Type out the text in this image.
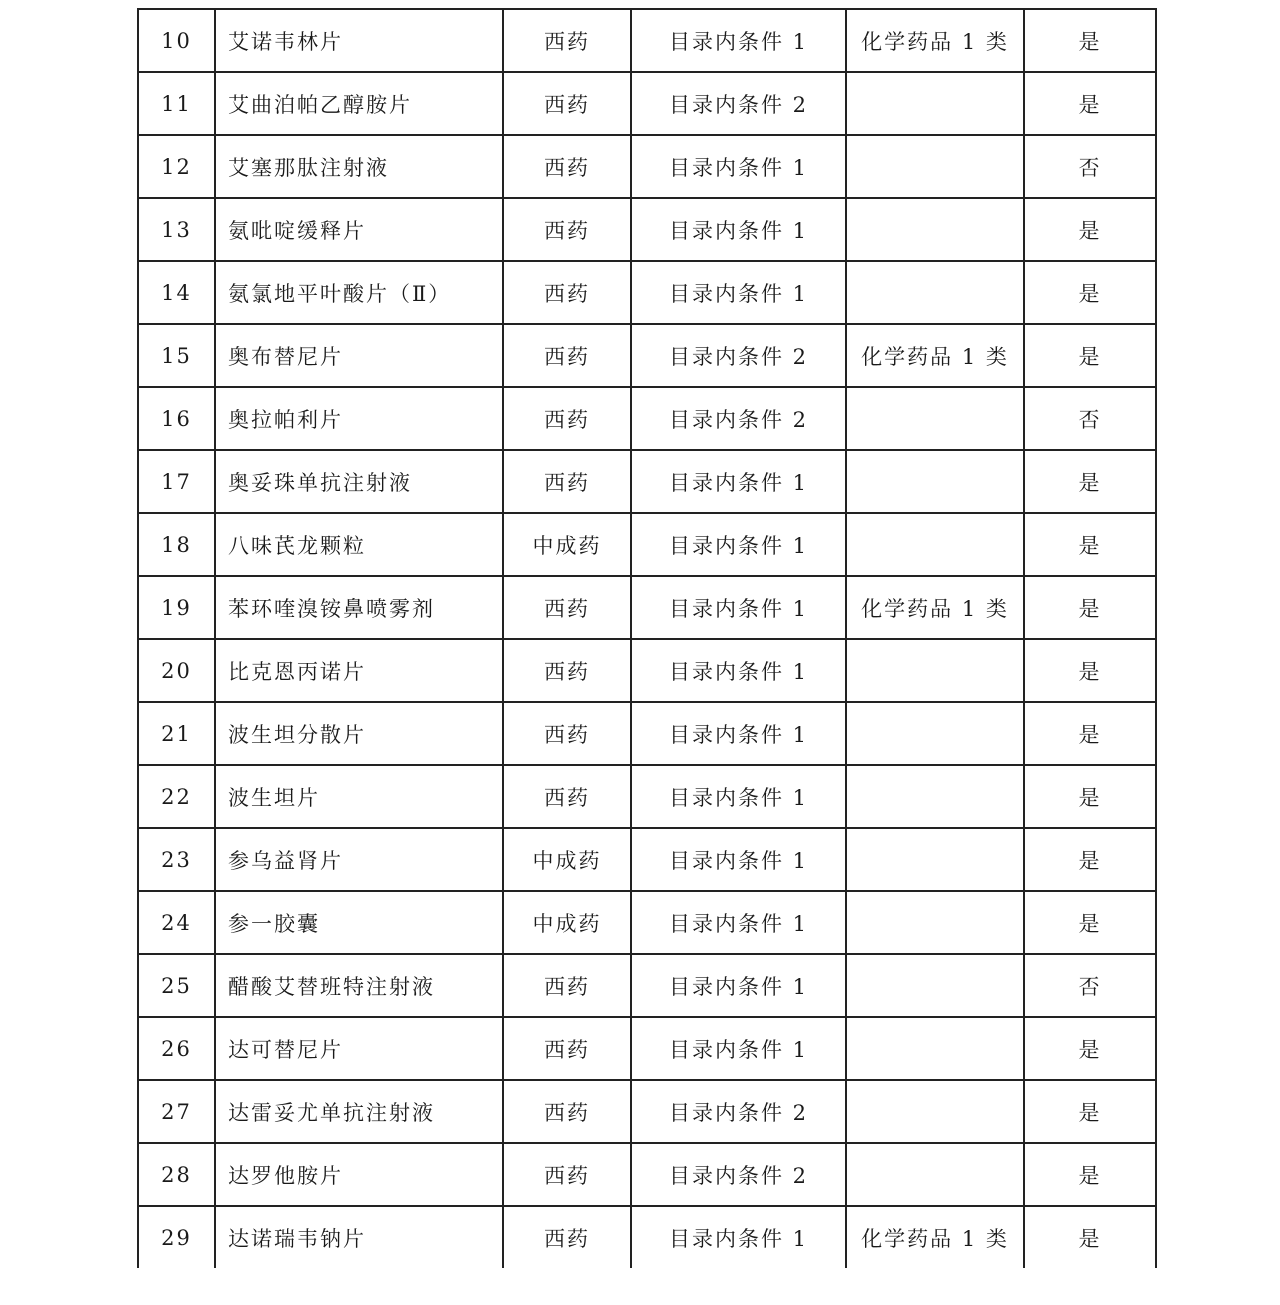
10	艾诺韦林片	西药	目录内条件 1	化学药品 1 类	是
11	艾曲泊帕乙醇胺片	西药	目录内条件 2		是
12	艾塞那肽注射液	西药	目录内条件 1		否
13	氨吡啶缓释片	西药	目录内条件 1		是
14	氨氯地平叶酸片（Ⅱ）	西药	目录内条件 1		是
15	奥布替尼片	西药	目录内条件 2	化学药品 1 类	是
16	奥拉帕利片	西药	目录内条件 2		否
17	奥妥珠单抗注射液	西药	目录内条件 1		是
18	八味芪龙颗粒	中成药	目录内条件 1		是
19	苯环喹溴铵鼻喷雾剂	西药	目录内条件 1	化学药品 1 类	是
20	比克恩丙诺片	西药	目录内条件 1		是
21	波生坦分散片	西药	目录内条件 1		是
22	波生坦片	西药	目录内条件 1		是
23	参乌益肾片	中成药	目录内条件 1		是
24	参一胶囊	中成药	目录内条件 1		是
25	醋酸艾替班特注射液	西药	目录内条件 1		否
26	达可替尼片	西药	目录内条件 1		是
27	达雷妥尤单抗注射液	西药	目录内条件 2		是
28	达罗他胺片	西药	目录内条件 2		是
29	达诺瑞韦钠片	西药	目录内条件 1	化学药品 1 类	是
